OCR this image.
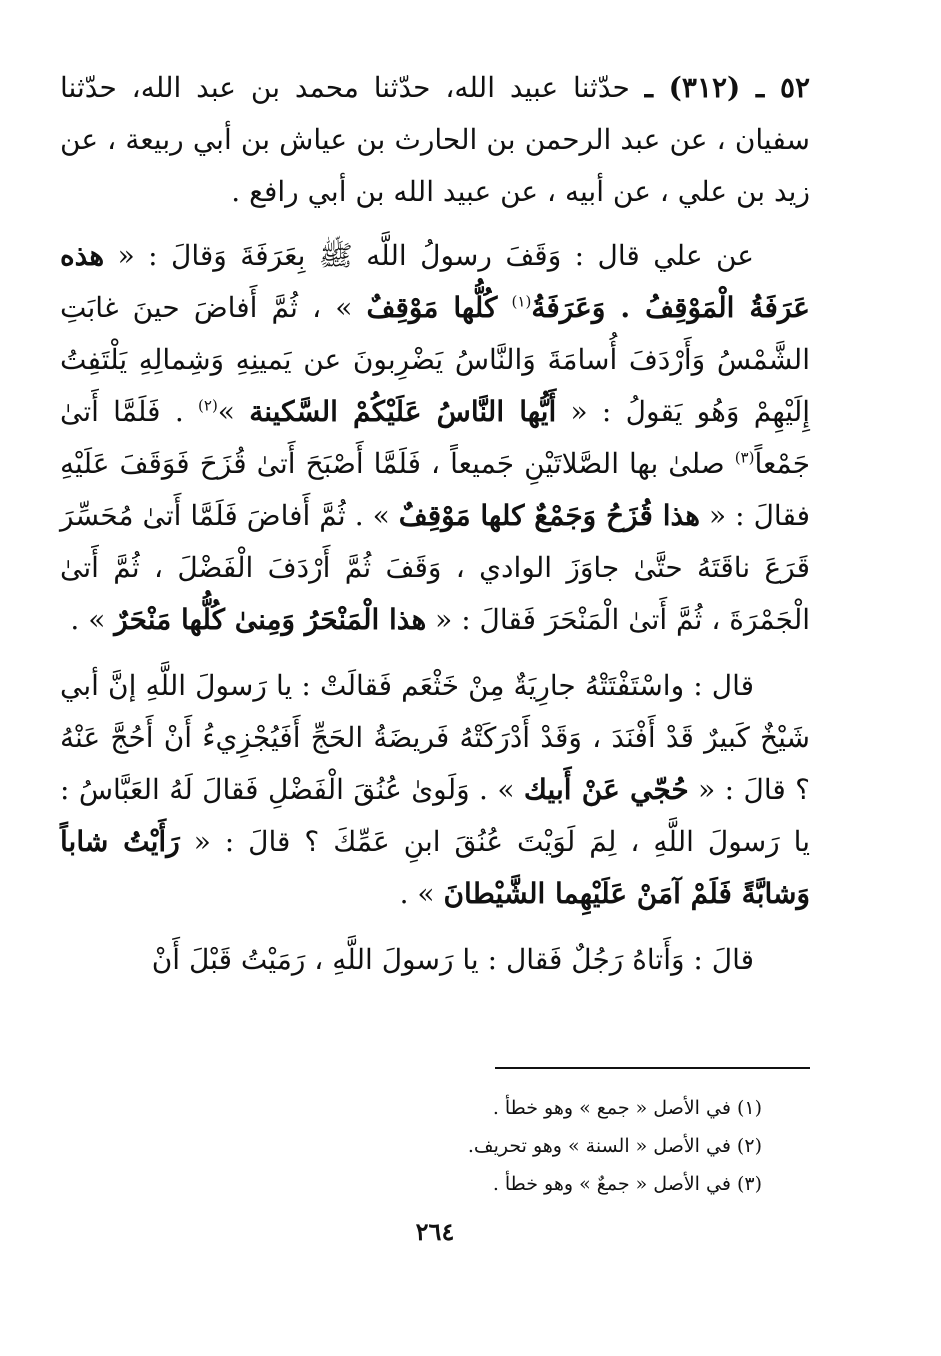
٥٢ ـ (٣١٢) ـ حدّثنا عبيد الله، حدّثنا محمد بن عبد الله، حدّثنا سفيان ، عن عبد الرحمن بن الحارث بن عياش بن أبي ربيعة ، عن زيد بن علي ، عن أبيه ، عن عبيد الله بن أبي رافع .

عن علي قال : وَقَفَ رسولُ اللَّه ﷺ بِعَرَفَةَ وَقالَ : « هذه عَرَفَةُ الْمَوْقِفُ . وَعَرَفَةُ$^{(١)}$ كُلُّها مَوْقِفٌ » ، ثُمَّ أَفاضَ حينَ غابَتِ الشَّمْسُ وَأَرْدَفَ أُسامَةَ وَالنَّاسُ يَضْرِبونَ عن يَمينِهِ وَشِمالِهِ يَلْتَفِتُ إِلَيْهِمْ وَهُو يَقولُ : « أَيُّها النَّاسُ عَلَيْكُمْ السَّكينة »$^{(٢)}$ . فَلَمَّا أَتىٰ جَمْعاً$^{(٣)}$ صلىٰ بها الصَّلاتَيْنِ جَميعاً ، فَلَمَّا أَصْبَحَ أَتىٰ قُزَحَ فَوَقَفَ عَلَيْهِ فقالَ : « هذا قُزَحُ وَجَمْعٌ كلها مَوْقِفٌ » . ثُمَّ أَفاضَ فَلَمَّا أَتىٰ مُحَسِّرَ قَرَعَ ناقَتَهُ حتَّىٰ جاوَزَ الوادي ، وَقَفَ ثُمَّ أَرْدَفَ الْفَضْلَ ، ثُمَّ أَتىٰ الْجَمْرَةَ ، ثُمَّ أَتىٰ الْمَنْحَرَ فَقالَ : « هذا الْمَنْحَرُ وَمِنىٰ كُلُّها مَنْحَرٌ » .

قال : واسْتَفْتَتْهُ جارِيَةٌ مِنْ خَثْعَم فَقالَتْ : يا رَسولَ اللَّهِ إنَّ أبي شَيْخٌ كَبيرٌ قَدْ أَفْنَدَ ، وَقَدْ أَدْرَكَتْهُ فَريضَةُ الحَجِّ أَفَيُجْزِيءُ أَنْ أَحُجَّ عَنْهُ ؟ قالَ : « حُجّي عَنْ أَبيك » . وَلَوىٰ عُنُقَ الْفَضْلِ فَقالَ لَهُ العَبَّاسُ : يا رَسولَ اللَّهِ ، لِمَ لَوَيْتَ عُنُقَ ابنِ عَمِّكَ ؟ قالَ : « رَأَيْتُ شاباً وَشابَّةً فَلَمْ آمَنْ عَلَيْهِما الشَّيْطانَ » .

قالَ : وَأَتاهُ رَجُلٌ فَقال : يا رَسولَ اللَّهِ ، رَمَيْتُ قَبْلَ أَنْ

(١) في الأصل « جمع » وهو خطأ .

(٢) في الأصل « السنة » وهو تحريف.

(٣) في الأصل « جمعٌ » وهو خطأ .

٢٦٤
